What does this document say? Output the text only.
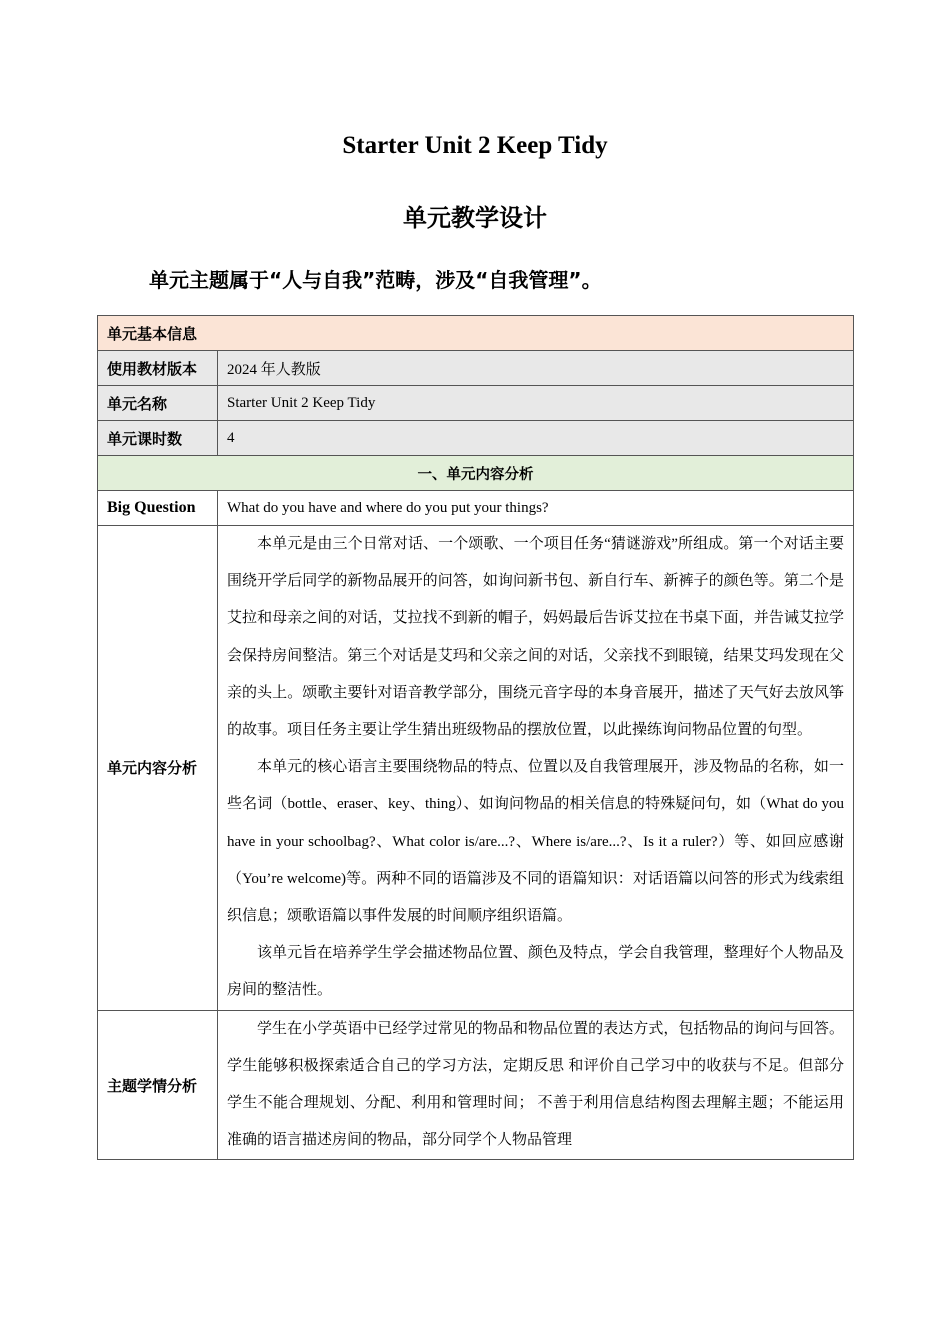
Starter Unit 2 Keep Tidy
单元教学设计
单元主题属于“人与自我”范畴，涉及“自我管理”。
单元基本信息	
使用教材版本	2024 年人教版
单元名称	Starter Unit 2 Keep Tidy
单元课时数	4
一、单元内容分析	
Big Question	What do you have and where do you put your things?
单元内容分析	本单元是由三个日常对话、一个颂歌、一个项目任务“猜谜游戏”所组成。第一个对话主要围绕开学后同学的新物品展开的问答，如询问新书包、新自行车、新裤子的颜色等。第二个是艾拉和母亲之间的对话，艾拉找不到新的帽子，妈妈最后告诉艾拉在书桌下面，并告诫艾拉学会保持房间整洁。第三个对话是艾玛和父亲之间的对话，父亲找不到眼镜，结果艾玛发现在父亲的头上。颂歌主要针对语音教学部分，围绕元音字母的本身音展开，描述了天气好去放风筝的故事。项目任务主要让学生猜出班级物品的摆放位置，以此操练询问物品位置的句型。

本单元的核心语言主要围绕物品的特点、位置以及自我管理展开，涉及物品的名称，如一些名词（bottle、eraser、key、thing）、如询问物品的相关信息的特殊疑问句，如（What do you have in your schoolbag?、What color is/are...?、Where is/are...?、Is it a ruler?）等、如回应感谢（You’re welcome)等。两种不同的语篇涉及不同的语篇知识：对话语篇以问答的形式为线索组织信息；颂歌语篇以事件发展的时间顺序组织语篇。

该单元旨在培养学生学会描述物品位置、颜色及特点，学会自我管理，整理好个人物品及房间的整洁性。

主题学情分析	学生在小学英语中已经学过常见的物品和物品位置的表达方式，包括物品的询问与回答。学生能够积极探索适合自己的学习方法，定期反思 和评价自己学习中的收获与不足。但部分学生不能合理规划、分配、利用和管理时间； 不善于利用信息结构图去理解主题；不能运用准确的语言描述房间的物品，部分同学个人物品管理
